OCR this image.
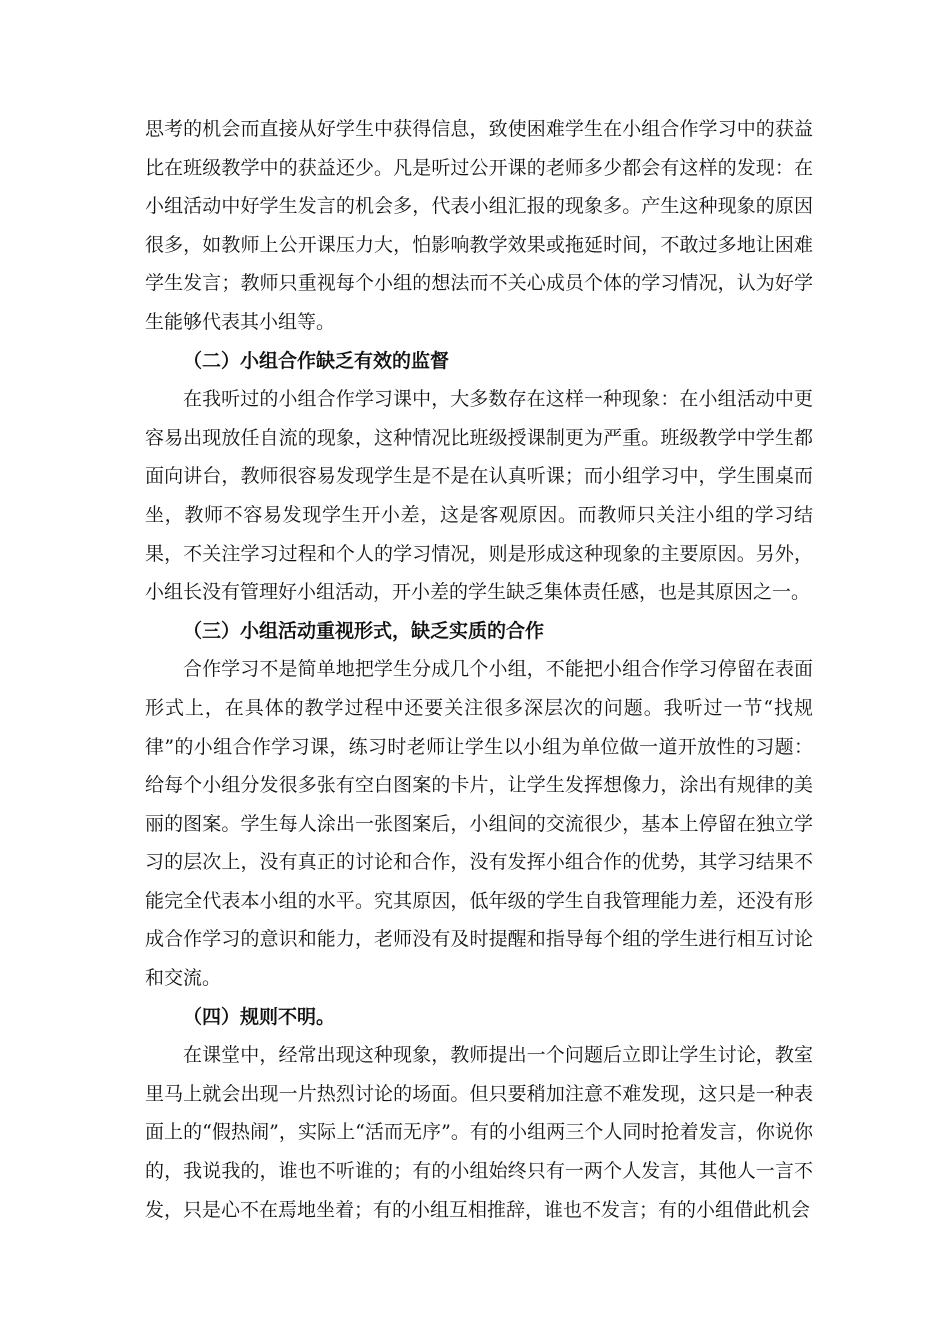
思考的机会而直接从好学生中获得信息，致使困难学生在小组合作学习中的获益比在班级教学中的获益还少。凡是听过公开课的老师多少都会有这样的发现：在小组活动中好学生发言的机会多，代表小组汇报的现象多。产生这种现象的原因很多，如教师上公开课压力大，怕影响教学效果或拖延时间，不敢过多地让困难学生发言；教师只重视每个小组的想法而不关心成员个体的学习情况，认为好学生能够代表其小组等。

（二）小组合作缺乏有效的监督

在我听过的小组合作学习课中，大多数存在这样一种现象：在小组活动中更容易出现放任自流的现象，这种情况比班级授课制更为严重。班级教学中学生都面向讲台，教师很容易发现学生是不是在认真听课；而小组学习中，学生围桌而坐，教师不容易发现学生开小差，这是客观原因。而教师只关注小组的学习结果，不关注学习过程和个人的学习情况，则是形成这种现象的主要原因。另外，小组长没有管理好小组活动，开小差的学生缺乏集体责任感，也是其原因之一。

（三）小组活动重视形式，缺乏实质的合作

合作学习不是简单地把学生分成几个小组，不能把小组合作学习停留在表面形式上，在具体的教学过程中还要关注很多深层次的问题。我听过一节“找规律”的小组合作学习课，练习时老师让学生以小组为单位做一道开放性的习题：给每个小组分发很多张有空白图案的卡片，让学生发挥想像力，涂出有规律的美丽的图案。学生每人涂出一张图案后，小组间的交流很少，基本上停留在独立学习的层次上，没有真正的讨论和合作，没有发挥小组合作的优势，其学习结果不能完全代表本小组的水平。究其原因，低年级的学生自我管理能力差，还没有形成合作学习的意识和能力，老师没有及时提醒和指导每个组的学生进行相互讨论和交流。

（四）规则不明。

在课堂中，经常出现这种现象，教师提出一个问题后立即让学生讨论，教室里马上就会出现一片热烈讨论的场面。但只要稍加注意不难发现，这只是一种表面上的“假热闹”，实际上“活而无序”。有的小组两三个人同时抢着发言，你说你的，我说我的，谁也不听谁的；有的小组始终只有一两个人发言，其他人一言不发，只是心不在焉地坐着；有的小组互相推辞，谁也不发言；有的小组借此机会
